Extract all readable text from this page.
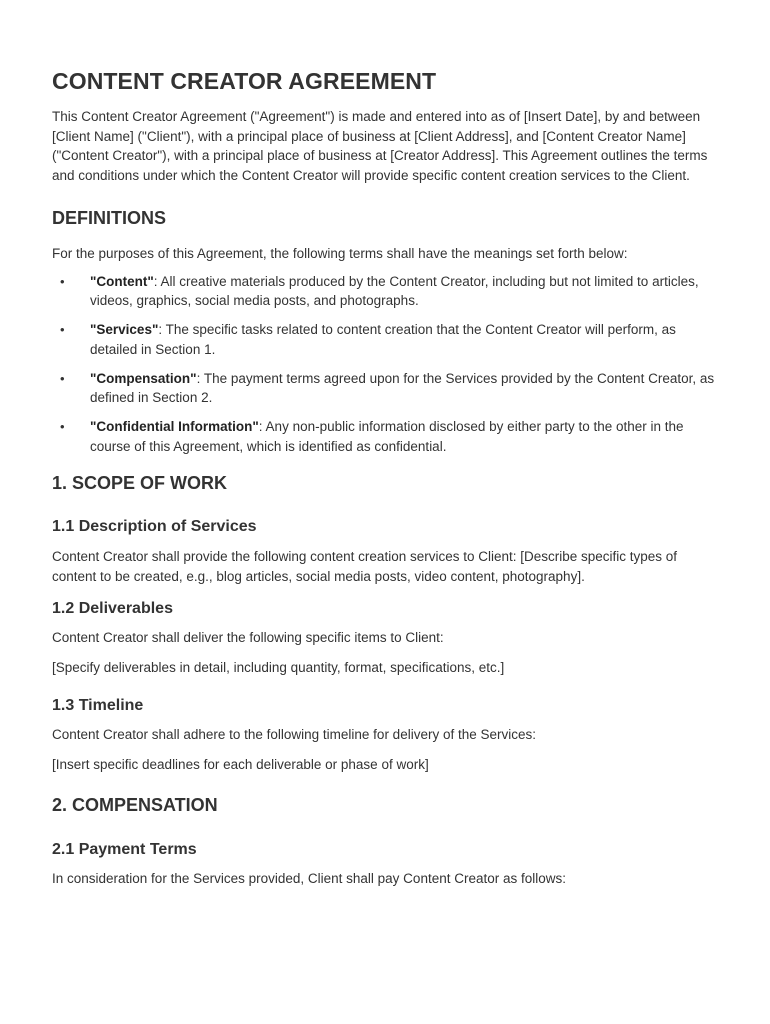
CONTENT CREATOR AGREEMENT

This Content Creator Agreement ("Agreement") is made and entered into as of [Insert Date], by and between [Client Name] ("Client"), with a principal place of business at [Client Address], and [Content Creator Name] ("Content Creator"), with a principal place of business at [Creator Address]. This Agreement outlines the terms and conditions under which the Content Creator will provide specific content creation services to the Client.

DEFINITIONS

For the purposes of this Agreement, the following terms shall have the meanings set forth below:

• "Content": All creative materials produced by the Content Creator, including but not limited to articles, videos, graphics, social media posts, and photographs.
• "Services": The specific tasks related to content creation that the Content Creator will perform, as detailed in Section 1.
• "Compensation": The payment terms agreed upon for the Services provided by the Content Creator, as defined in Section 2.
• "Confidential Information": Any non-public information disclosed by either party to the other in the course of this Agreement, which is identified as confidential.
1. SCOPE OF WORK
1.1 Description of Services

Content Creator shall provide the following content creation services to Client: [Describe specific types of content to be created, e.g., blog articles, social media posts, video content, photography].

1.2 Deliverables

Content Creator shall deliver the following specific items to Client:

[Specify deliverables in detail, including quantity, format, specifications, etc.]

1.3 Timeline

Content Creator shall adhere to the following timeline for delivery of the Services:

[Insert specific deadlines for each deliverable or phase of work]

2. COMPENSATION
2.1 Payment Terms

In consideration for the Services provided, Client shall pay Content Creator as follows:
